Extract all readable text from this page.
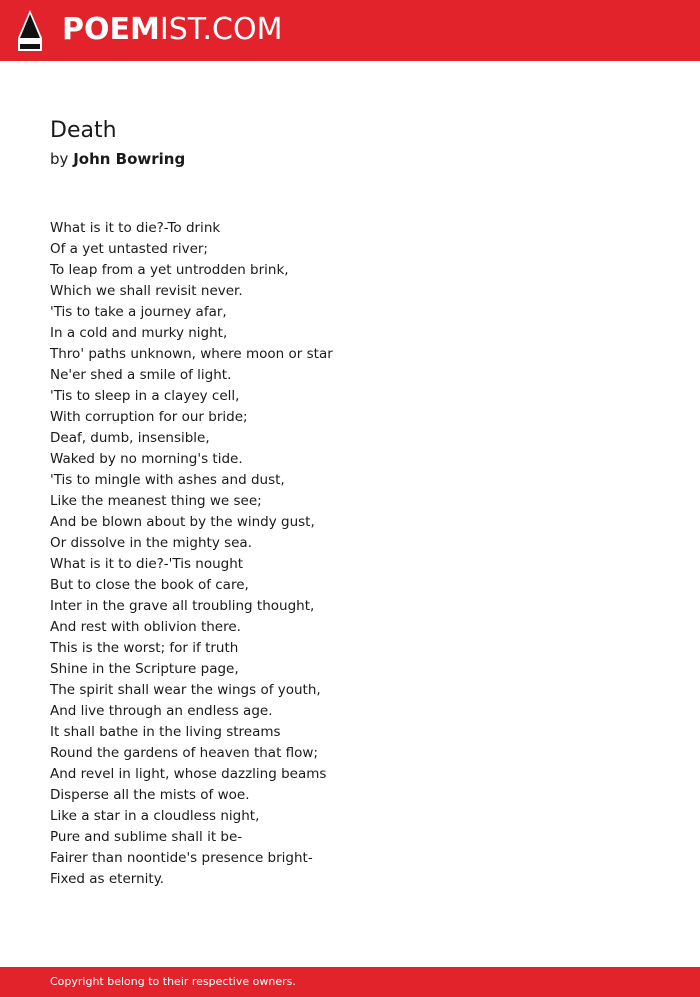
POEMIST.COM
Death
by John Bowring
What is it to die?-To drink
Of a yet untasted river;
To leap from a yet untrodden brink,
Which we shall revisit never.
'Tis to take a journey afar,
In a cold and murky night,
Thro' paths unknown, where moon or star
Ne'er shed a smile of light.
'Tis to sleep in a clayey cell,
With corruption for our bride;
Deaf, dumb, insensible,
Waked by no morning's tide.
'Tis to mingle with ashes and dust,
Like the meanest thing we see;
And be blown about by the windy gust,
Or dissolve in the mighty sea.
What is it to die?-'Tis nought
But to close the book of care,
Inter in the grave all troubling thought,
And rest with oblivion there.
This is the worst; for if truth
Shine in the Scripture page,
The spirit shall wear the wings of youth,
And live through an endless age.
It shall bathe in the living streams
Round the gardens of heaven that flow;
And revel in light, whose dazzling beams
Disperse all the mists of woe.
Like a star in a cloudless night,
Pure and sublime shall it be-
Fairer than noontide's presence bright-
Fixed as eternity.
Copyright belong to their respective owners.
